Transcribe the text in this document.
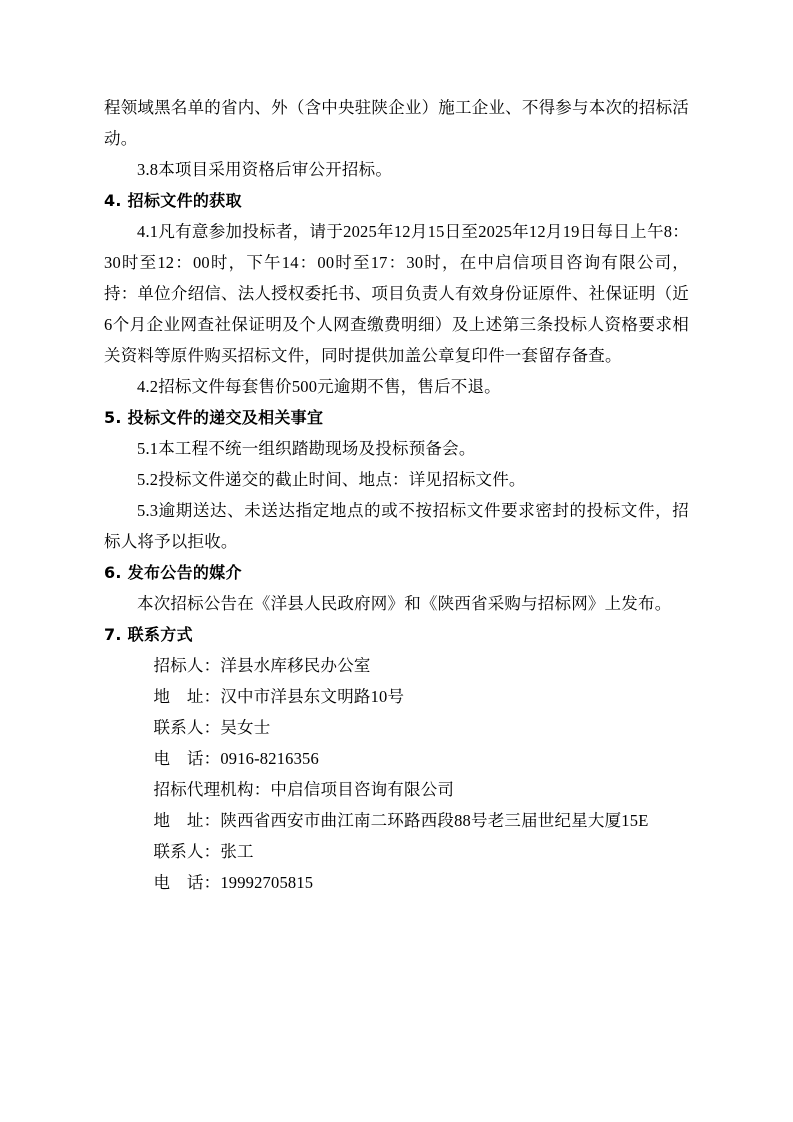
程领域黑名单的省内、外（含中央驻陕企业）施工企业、不得参与本次的招标活动。

3.8本项目采用资格后审公开招标。

4. 招标文件的获取

4.1凡有意参加投标者，请于2025年12月15日至2025年12月19日每日上午8：30时至12：00时，下午14：00时至17：30时，在中启信项目咨询有限公司，持：单位介绍信、法人授权委托书、项目负责人有效身份证原件、社保证明（近6个月企业网查社保证明及个人网查缴费明细）及上述第三条投标人资格要求相关资料等原件购买招标文件，同时提供加盖公章复印件一套留存备查。

4.2招标文件每套售价500元逾期不售，售后不退。

5. 投标文件的递交及相关事宜

5.1本工程不统一组织踏勘现场及投标预备会。

5.2投标文件递交的截止时间、地点：详见招标文件。

5.3逾期送达、未送达指定地点的或不按招标文件要求密封的投标文件，招标人将予以拒收。

6. 发布公告的媒介

本次招标公告在《洋县人民政府网》和《陕西省采购与招标网》上发布。

7. 联系方式

招标人：洋县水库移民办公室

地　址：汉中市洋县东文明路10号

联系人：吴女士

电　话：0916-8216356

招标代理机构：中启信项目咨询有限公司

地　址：陕西省西安市曲江南二环路西段88号老三届世纪星大厦15E

联系人：张工

电　话：19992705815
